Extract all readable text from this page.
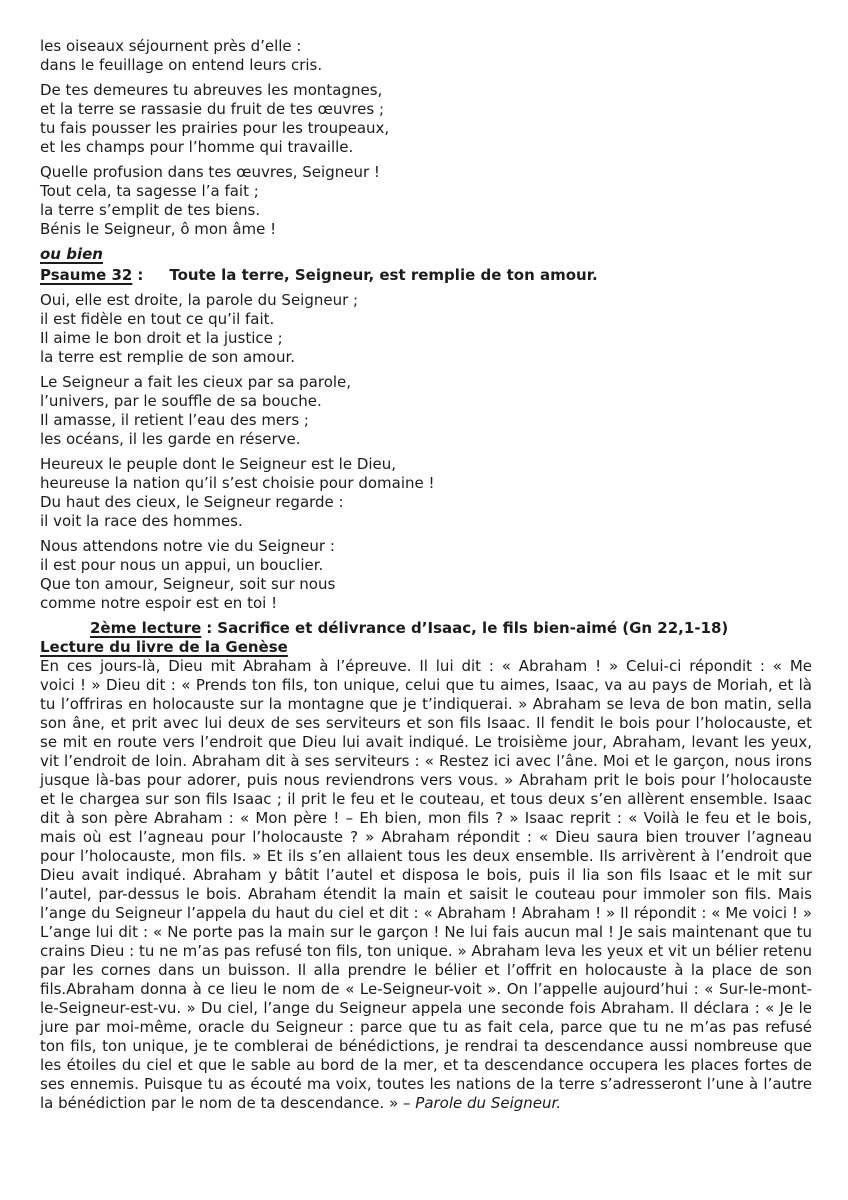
les oiseaux séjournent près d’elle :
dans le feuillage on entend leurs cris.
De tes demeures tu abreuves les montagnes,
et la terre se rassasie du fruit de tes œuvres ;
tu fais pousser les prairies pour les troupeaux,
et les champs pour l’homme qui travaille.
Quelle profusion dans tes œuvres, Seigneur !
Tout cela, ta sagesse l’a fait ;
la terre s’emplit de tes biens.
Bénis le Seigneur, ô mon âme !
ou bien
Psaume 32 : Toute la terre, Seigneur, est remplie de ton amour.
Oui, elle est droite, la parole du Seigneur ;
il est fidèle en tout ce qu’il fait.
Il aime le bon droit et la justice ;
la terre est remplie de son amour.
Le Seigneur a fait les cieux par sa parole,
l’univers, par le souffle de sa bouche.
Il amasse, il retient l’eau des mers ;
les océans, il les garde en réserve.
Heureux le peuple dont le Seigneur est le Dieu,
heureuse la nation qu’il s’est choisie pour domaine !
Du haut des cieux, le Seigneur regarde :
il voit la race des hommes.
Nous attendons notre vie du Seigneur :
il est pour nous un appui, un bouclier.
Que ton amour, Seigneur, soit sur nous
comme notre espoir est en toi !
2ème lecture : Sacrifice et délivrance d’Isaac, le fils bien-aimé (Gn 22,1-18)
Lecture du livre de la Genèse

En ces jours-là, Dieu mit Abraham à l’épreuve. Il lui dit : « Abraham ! » Celui-ci répondit : « Me voici ! » Dieu dit : « Prends ton fils, ton unique, celui que tu aimes, Isaac, va au pays de Moriah, et là tu l’offriras en holocauste sur la montagne que je t’indiquerai. » Abraham se leva de bon matin, sella son âne, et prit avec lui deux de ses serviteurs et son fils Isaac. Il fendit le bois pour l’holocauste, et se mit en route vers l’endroit que Dieu lui avait indiqué. Le troisième jour, Abraham, levant les yeux, vit l’endroit de loin. Abraham dit à ses serviteurs : « Restez ici avec l’âne. Moi et le garçon, nous irons jusque là-bas pour adorer, puis nous reviendrons vers vous. » Abraham prit le bois pour l’holocauste et le chargea sur son fils Isaac ; il prit le feu et le couteau, et tous deux s’en allèrent ensemble. Isaac dit à son père Abraham : « Mon père ! – Eh bien, mon fils ? » Isaac reprit : « Voilà le feu et le bois, mais où est l’agneau pour l’holocauste ? » Abraham répondit : « Dieu saura bien trouver l’agneau pour l’holocauste, mon fils. » Et ils s’en allaient tous les deux ensemble. Ils arrivèrent à l’endroit que Dieu avait indiqué. Abraham y bâtit l’autel et disposa le bois, puis il lia son fils Isaac et le mit sur l’autel, par-dessus le bois. Abraham étendit la main et saisit le couteau pour immoler son fils. Mais l’ange du Seigneur l’appela du haut du ciel et dit : « Abraham ! Abraham ! » Il répondit : « Me voici ! » L’ange lui dit : « Ne porte pas la main sur le garçon ! Ne lui fais aucun mal ! Je sais maintenant que tu crains Dieu : tu ne m’as pas refusé ton fils, ton unique. » Abraham leva les yeux et vit un bélier retenu par les cornes dans un buisson. Il alla prendre le bélier et l’offrit en holocauste à la place de son fils.Abraham donna à ce lieu le nom de « Le-Seigneur-voit ». On l’appelle aujourd’hui : « Sur-le-mont-le-Seigneur-est-vu. » Du ciel, l’ange du Seigneur appela une seconde fois Abraham. Il déclara : « Je le jure par moi-même, oracle du Seigneur : parce que tu as fait cela, parce que tu ne m’as pas refusé ton fils, ton unique, je te comblerai de bénédictions, je rendrai ta descendance aussi nombreuse que les étoiles du ciel et que le sable au bord de la mer, et ta descendance occupera les places fortes de ses ennemis. Puisque tu as écouté ma voix, toutes les nations de la terre s’adresseront l’une à l’autre la bénédiction par le nom de ta descendance. » – Parole du Seigneur.
